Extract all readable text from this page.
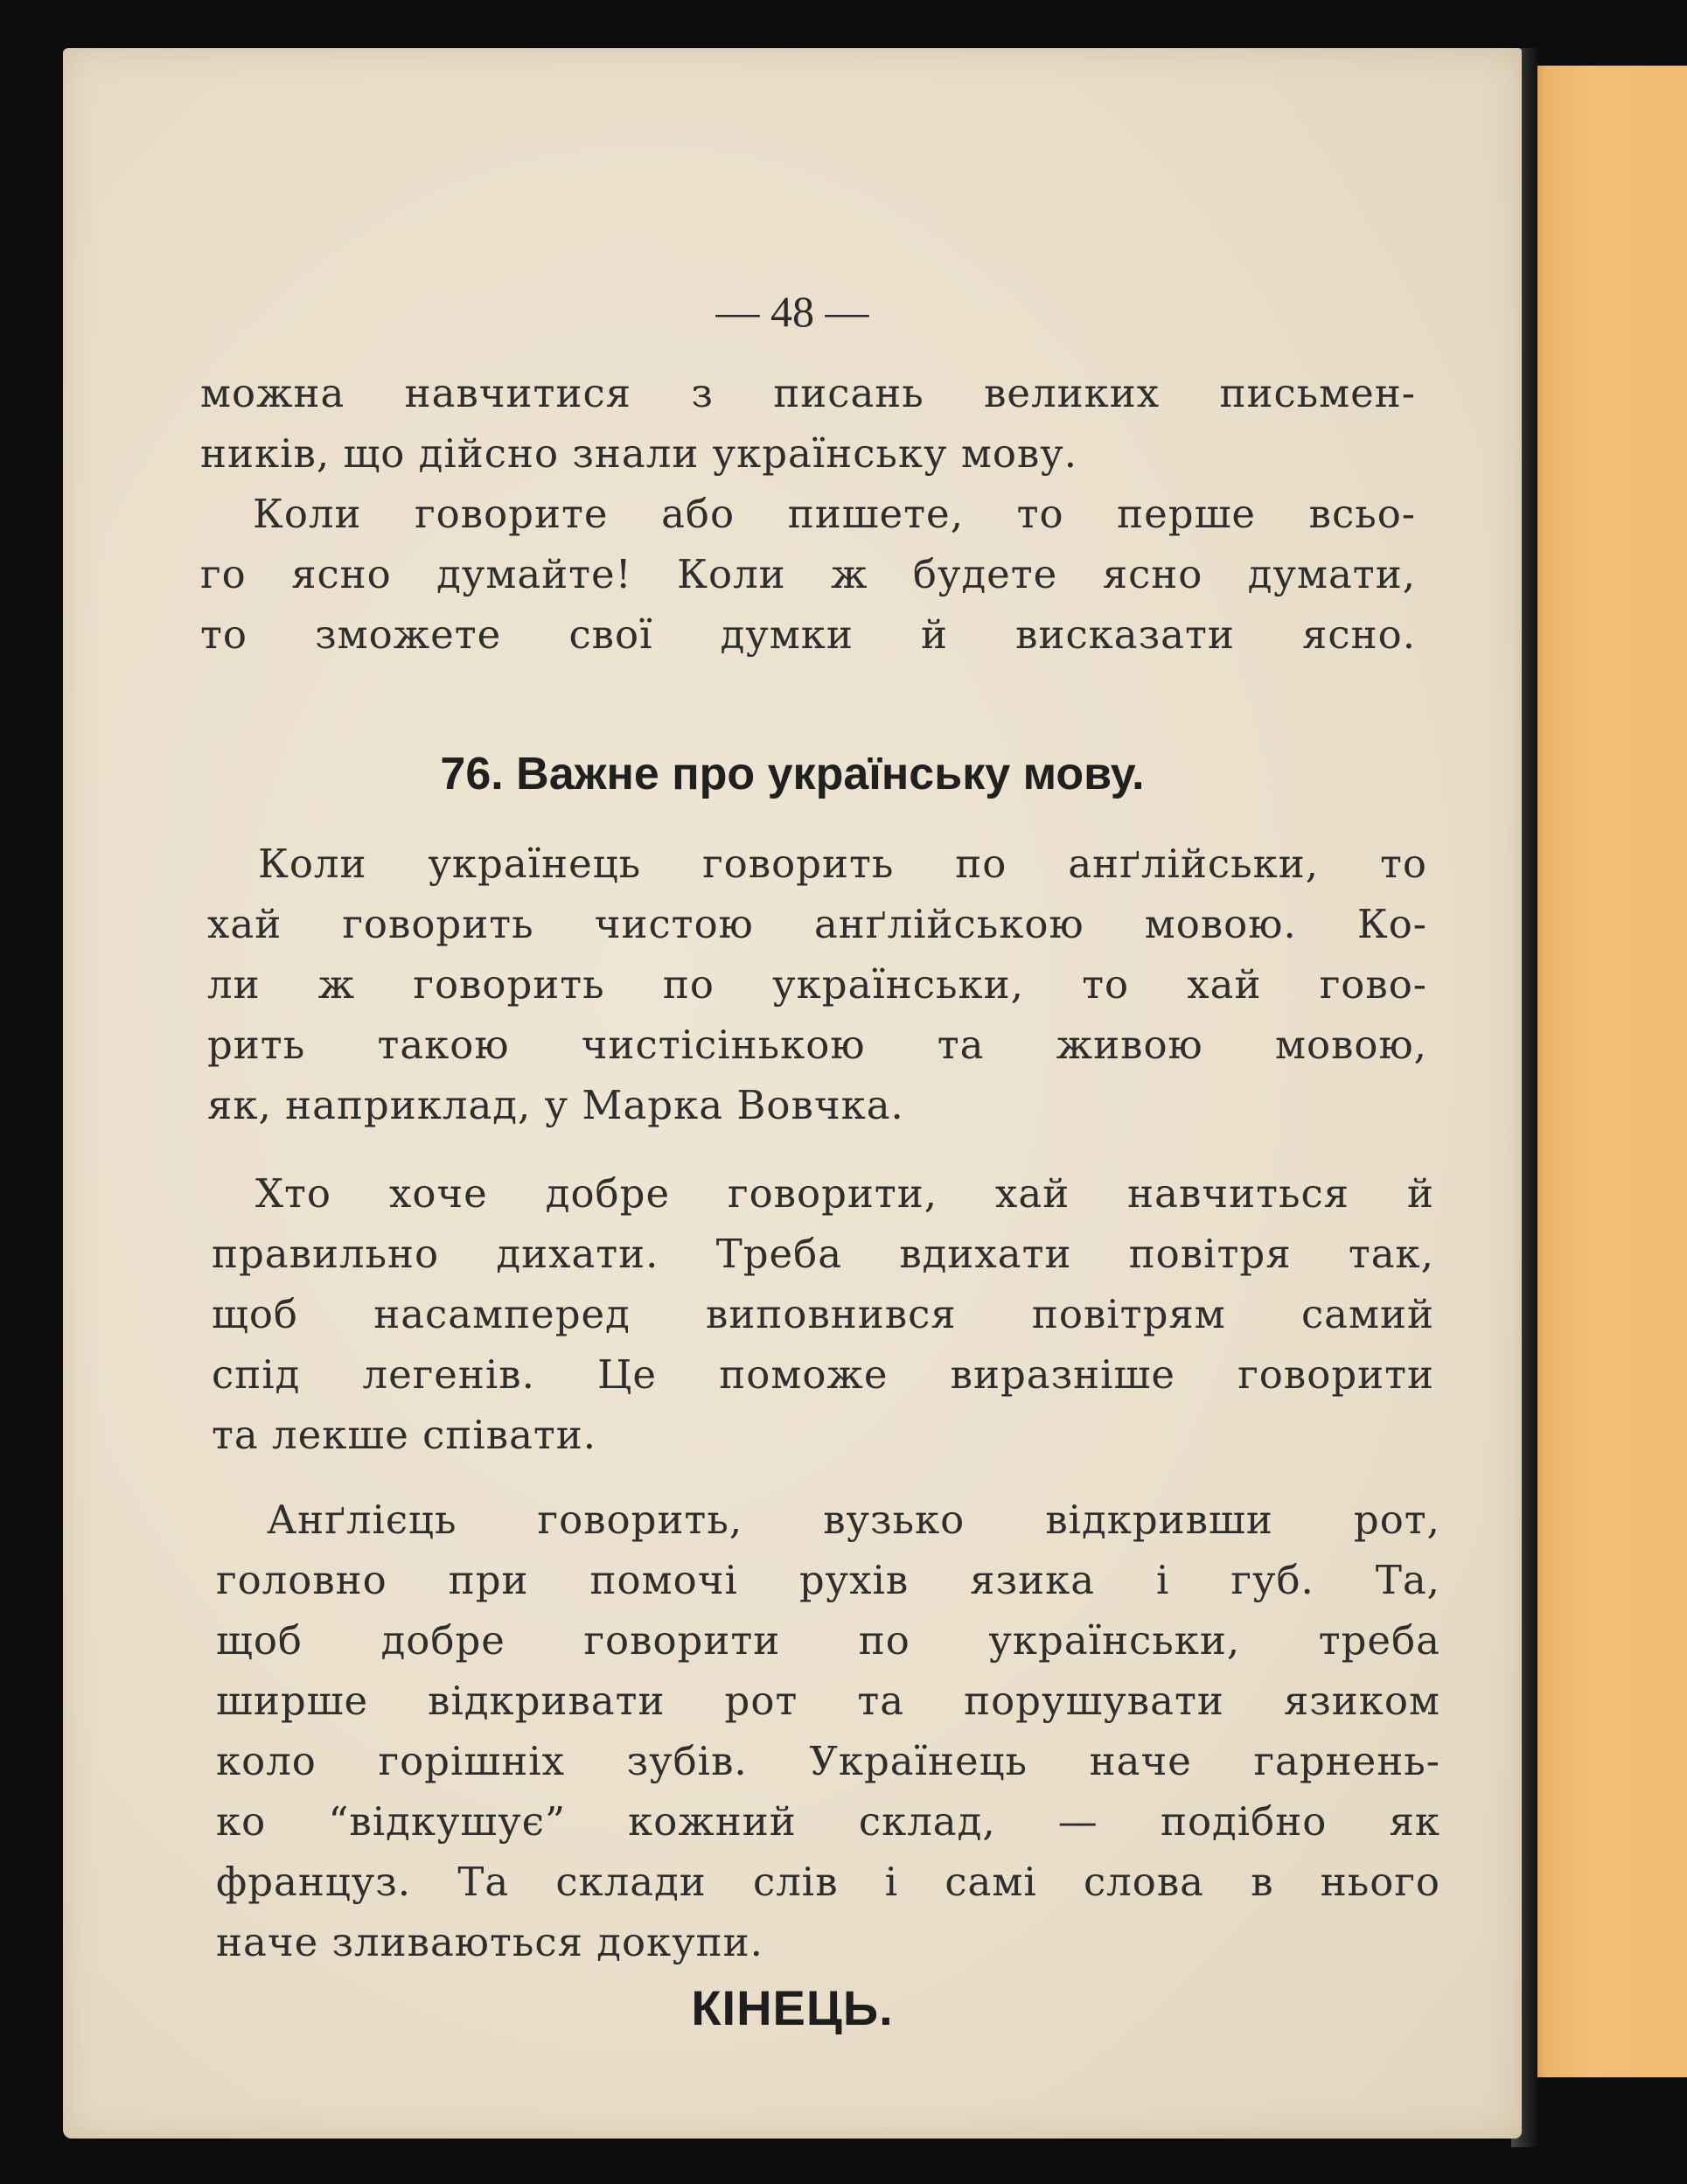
— 48 —

можна навчитися з писань великих письмен-
ників, що дійсно знали українську мову.

Коли говорите або пишете, то перше всьо-
го ясно думайте! Коли ж будете ясно думати,
то зможете свої думки й висказати ясно.

76. Важне про українську мову.

Коли українець говорить по анґлійськи, то
хай говорить чистою анґлійською мовою. Ко-
ли ж говорить по українськи, то хай гово-
рить такою чистісінькою та живою мовою,
як, наприклад, у Марка Вовчка.

Хто хоче добре говорити, хай навчиться й
правильно дихати. Треба вдихати повітря так,
щоб насамперед виповнився повітрям самий
спід легенів. Це поможе виразніше говорити
та лекше співати.

Анґлієць говорить, вузько відкривши рот,
головно при помочі рухів язика і губ. Та,
щоб добре говорити по українськи, треба
ширше відкривати рот та порушувати язиком
коло горішніх зубів. Українець наче гарнень-
ко “відкушує” кожний склад, — подібно як
француз. Та склади слів і самі слова в нього
наче зливаються докупи.

КІНЕЦЬ.
